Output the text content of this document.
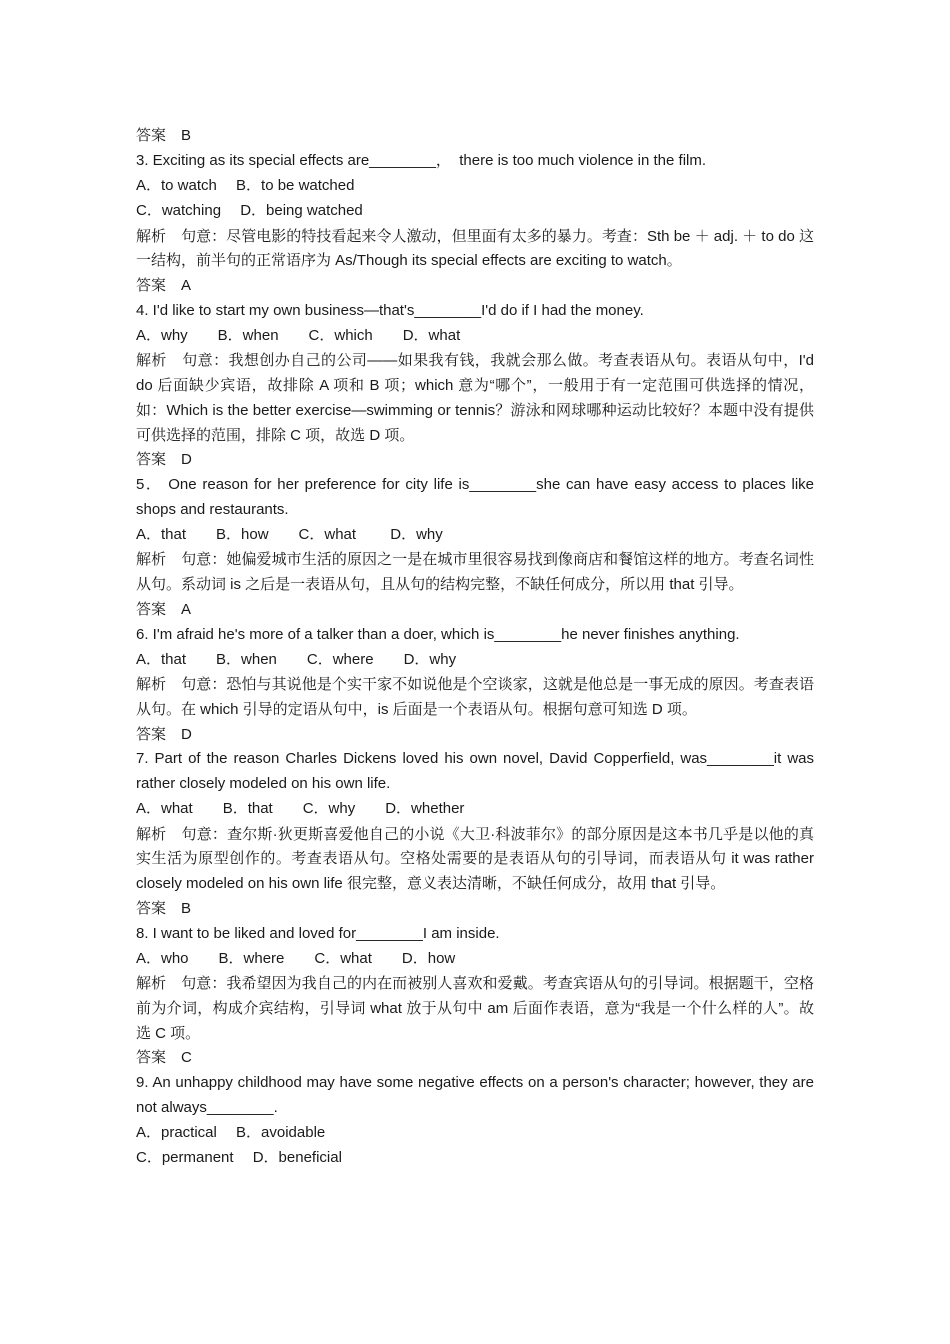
答案　B
3. Exciting as its special effects are________，  there is too much violence in the film.
A．to watch　 B．to be watched
C．watching　 D．being watched
解析　句意：尽管电影的特技看起来令人激动，但里面有太多的暴力。考查：Sth be ＋ adj. ＋ to do 这一结构，前半句的正常语序为 As/Though its special effects are exciting to watch。
答案　A
4. I'd like to start my own business—that's________I'd do if I had the money.
A．why　　B．when　　C．which　　D．what
解析　句意：我想创办自己的公司——如果我有钱，我就会那么做。考查表语从句。表语从句中，I'd do 后面缺少宾语，故排除 A 项和 B 项；which 意为“哪个”，一般用于有一定范围可供选择的情况，如：Which is the better exercise—swimming or tennis？游泳和网球哪种运动比较好？本题中没有提供可供选择的范围，排除 C 项，故选 D 项。
答案　D
5． One reason for her preference for city life is________she can have easy access to places like shops and restaurants.
A．that　　B．how　　C．what　　 D．why
解析　句意：她偏爱城市生活的原因之一是在城市里很容易找到像商店和餐馆这样的地方。考查名词性从句。系动词 is 之后是一表语从句，且从句的结构完整，不缺任何成分，所以用 that 引导。
答案　A
6. I'm afraid he's more of a talker than a doer, which is________he never finishes anything.
A．that　　B．when　　C．where　　D．why
解析　句意：恐怕与其说他是个实干家不如说他是个空谈家，这就是他总是一事无成的原因。考查表语从句。在 which 引导的定语从句中，is 后面是一个表语从句。根据句意可知选 D 项。
答案　D
7. Part of the reason Charles Dickens loved his own novel, David Copperfield, was________it was rather closely modeled on his own life.
A．what　　B．that　　C．why　　D．whether
解析　句意：查尔斯·狄更斯喜爱他自己的小说《大卫·科波菲尔》的部分原因是这本书几乎是以他的真实生活为原型创作的。考查表语从句。空格处需要的是表语从句的引导词，而表语从句 it was rather closely modeled on his own life 很完整，意义表达清晰，不缺任何成分，故用 that 引导。
答案　B
8. I want to be liked and loved for________I am inside.
A．who　　B．where　　C．what　　D．how
解析　句意：我希望因为我自己的内在而被别人喜欢和爱戴。考查宾语从句的引导词。根据题干，空格前为介词，构成介宾结构，引导词 what 放于从句中 am 后面作表语，意为“我是一个什么样的人”。故选 C 项。
答案　C
9. An unhappy childhood may have some negative effects on a person's character; however, they are not always________.
A．practical　 B．avoidable
C．permanent　 D．beneficial
